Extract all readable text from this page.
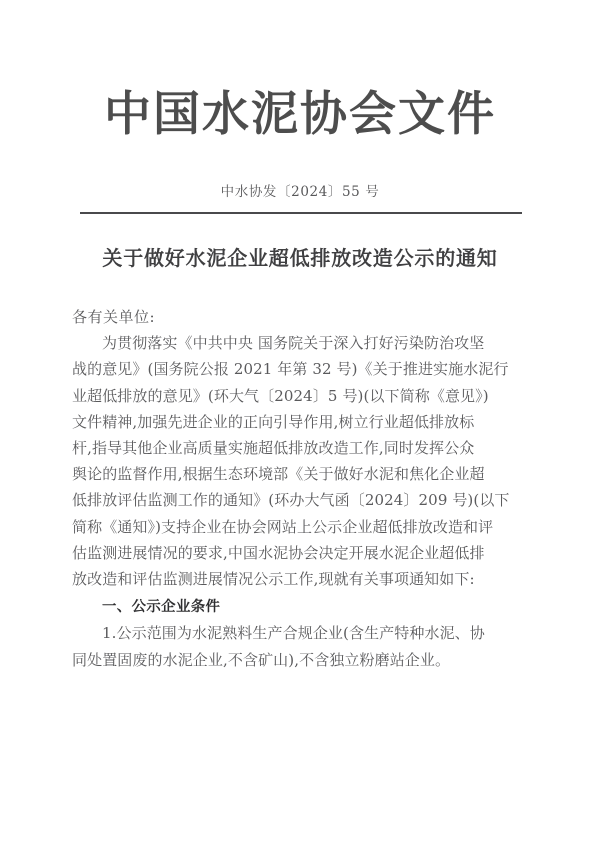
中国水泥协会文件
中水协发〔2024〕55 号
关于做好水泥企业超低排放改造公示的通知
各有关单位:
为贯彻落实《中共中央 国务院关于深入打好污染防治攻坚
战的意见》(国务院公报 2021 年第 32 号)《关于推进实施水泥行
业超低排放的意见》(环大气〔2024〕5 号)(以下简称《意见》)
文件精神,加强先进企业的正向引导作用,树立行业超低排放标
杆,指导其他企业高质量实施超低排放改造工作,同时发挥公众
舆论的监督作用,根据生态环境部《关于做好水泥和焦化企业超
低排放评估监测工作的通知》(环办大气函〔2024〕209 号)(以下
简称《通知》)支持企业在协会网站上公示企业超低排放改造和评
估监测进展情况的要求,中国水泥协会决定开展水泥企业超低排
放改造和评估监测进展情况公示工作,现就有关事项通知如下:
一、公示企业条件
1.公示范围为水泥熟料生产合规企业(含生产特种水泥、协
同处置固废的水泥企业,不含矿山),不含独立粉磨站企业。
